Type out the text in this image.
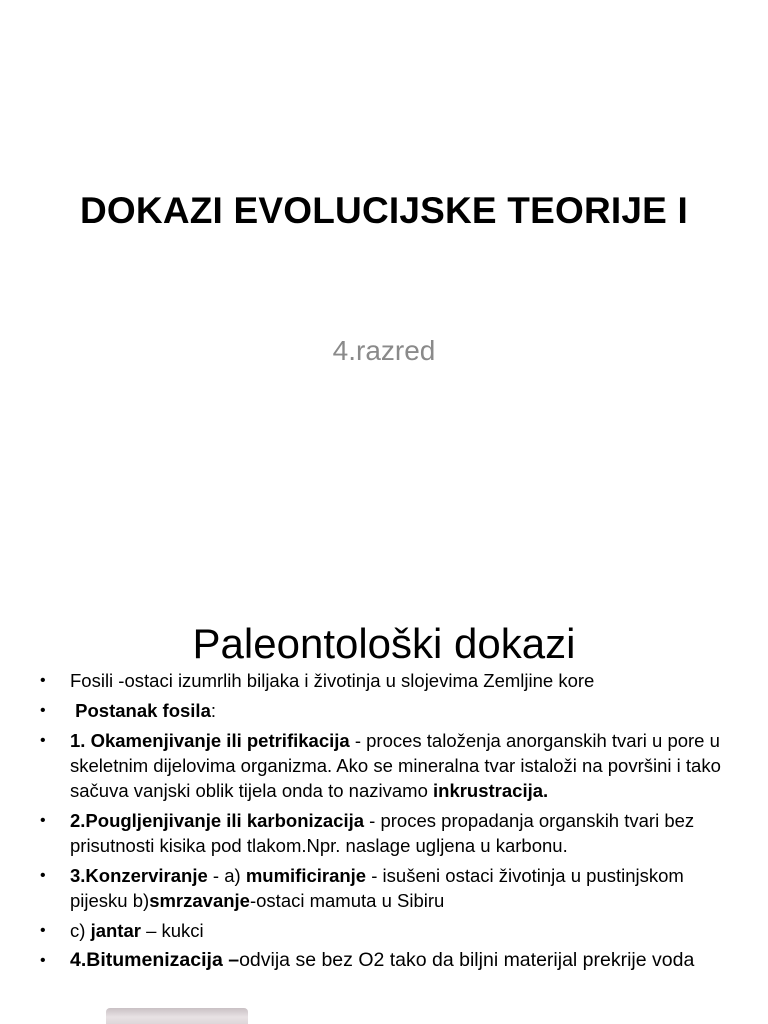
DOKAZI EVOLUCIJSKE TEORIJE I
4.razred
Paleontološki dokazi
• Fosili -ostaci izumrlih biljaka i životinja u slojevima Zemljine kore
• Postanak fosila:
• 1. Okamenjivanje ili petrifikacija - proces taloženja anorganskih tvari u pore u skeletnim dijelovima organizma. Ako se mineralna tvar istaloži na površini i tako sačuva vanjski oblik tijela onda to nazivamo inkrustracija.
• 2.Pougljenjivanje ili karbonizacija - proces propadanja organskih tvari bez prisutnosti kisika pod tlakom.Npr. naslage ugljena u karbonu.
• 3.Konzerviranje - a) mumificiranje - isušeni ostaci životinja u pustinjskom pijesku b)smrzavanje-ostaci mamuta u Sibiru
• c) jantar – kukci
• 4.Bitumenizacija –odvija se bez O2 tako da biljni materijal prekrije voda
